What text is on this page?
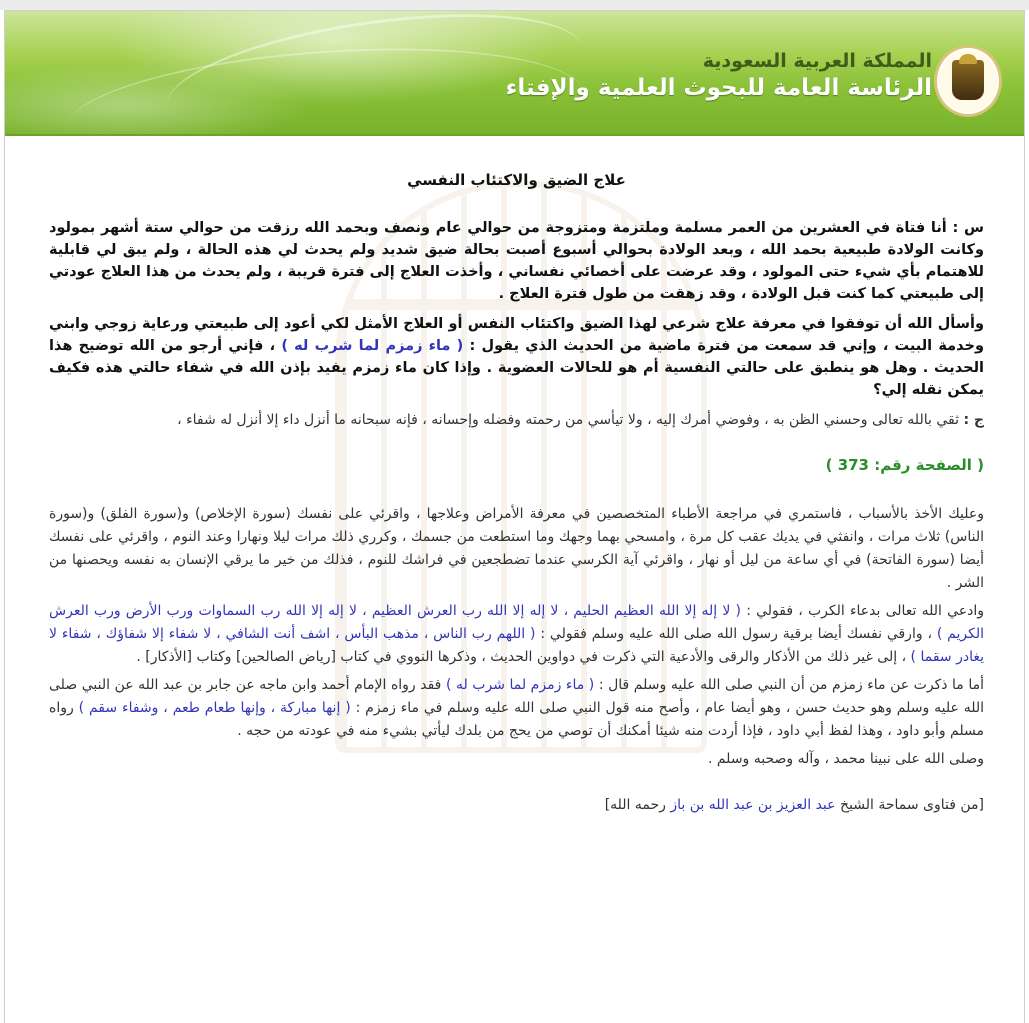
المملكة العربية السعودية
الرئاسة العامة للبحوث العلمية والإفتاء
علاج الضيق والاكتئاب النفسي

س : أنا فتاة في العشرين من العمر مسلمة وملتزمة ومتزوجة من حوالي عام ونصف وبحمد الله رزقت من حوالي ستة أشهر بمولود وكانت الولادة طبيعية بحمد الله ، وبعد الولادة بحوالي أسبوع أصبت بحالة ضيق شديد ولم يحدث لي هذه الحالة ، ولم يبق لي قابلية للاهتمام بأي شيء حتى المولود ، وقد عرضت على أخصائي نفساني ، وأخذت العلاج إلى فترة قريبة ، ولم يحدث من هذا العلاج عودتي إلى طبيعتي كما كنت قبل الولادة ، وقد زهقت من طول فترة العلاج .

وأسأل الله أن توفقوا في معرفة علاج شرعي لهذا الضيق واكتئاب النفس أو العلاج الأمثل لكي أعود إلى طبيعتي ورعاية زوجي وابني وخدمة البيت ، وإني قد سمعت من فترة ماضية من الحديث الذي يقول : ( ماء زمزم لما شرب له ) ، فإني أرجو من الله توضيح هذا الحديث . وهل هو ينطبق على حالتي النفسية أم هو للحالات العضوية . وإذا كان ماء زمزم يفيد بإذن الله في شفاء حالتي هذه فكيف يمكن نقله إلي؟

ج : ثقي بالله تعالى وحسني الظن به ، وفوضي أمرك إليه ، ولا تيأسي من رحمته وفضله وإحسانه ، فإنه سبحانه ما أنزل داء إلا أنزل له شفاء ،

( الصفحة رقم: 373 )

وعليك الأخذ بالأسباب ، فاستمري في مراجعة الأطباء المتخصصين في معرفة الأمراض وعلاجها ، واقرئي على نفسك (سورة الإخلاص) و(سورة الفلق) و(سورة الناس) ثلاث مرات ، وانفثي في يديك عقب كل مرة ، وامسحي بهما وجهك وما استطعت من جسمك ، وكرري ذلك مرات ليلا ونهارا وعند النوم ، واقرئي على نفسك أيضا (سورة الفاتحة) في أي ساعة من ليل أو نهار ، واقرئي آية الكرسي عندما تضطجعين في فراشك للنوم ، فذلك من خير ما يرقي الإنسان به نفسه ويحصنها من الشر .

وادعي الله تعالى بدعاء الكرب ، فقولي : ( لا إله إلا الله العظيم الحليم ، لا إله إلا الله رب العرش العظيم ، لا إله إلا الله رب السماوات ورب الأرض ورب العرش الكريم ) ، وارقي نفسك أيضا برقية رسول الله صلى الله عليه وسلم فقولي : ( اللهم رب الناس ، مذهب البأس ، اشف أنت الشافي ، لا شفاء إلا شفاؤك ، شفاء لا يغادر سقما ) ، إلى غير ذلك من الأذكار والرقى والأدعية التي ذكرت في دواوين الحديث ، وذكرها النووي في كتاب [رياض الصالحين] وكتاب [الأذكار] .

أما ما ذكرت عن ماء زمزم من أن النبي صلى الله عليه وسلم قال : ( ماء زمزم لما شرب له ) فقد رواه الإمام أحمد وابن ماجه عن جابر بن عبد الله عن النبي صلى الله عليه وسلم وهو حديث حسن ، وهو أيضا عام ، وأصح منه قول النبي صلى الله عليه وسلم في ماء زمزم : ( إنها مباركة ، وإنها طعام طعم ، وشفاء سقم ) رواه مسلم وأبو داود ، وهذا لفظ أبي داود ، فإذا أردت منه شيئا أمكنك أن توصي من يحج من بلدك ليأتي بشيء منه في عودته من حجه .

وصلى الله على نبينا محمد ، وآله وصحبه وسلم .

[من فتاوى سماحة الشيخ عبد العزيز بن عبد الله بن باز رحمه الله]
